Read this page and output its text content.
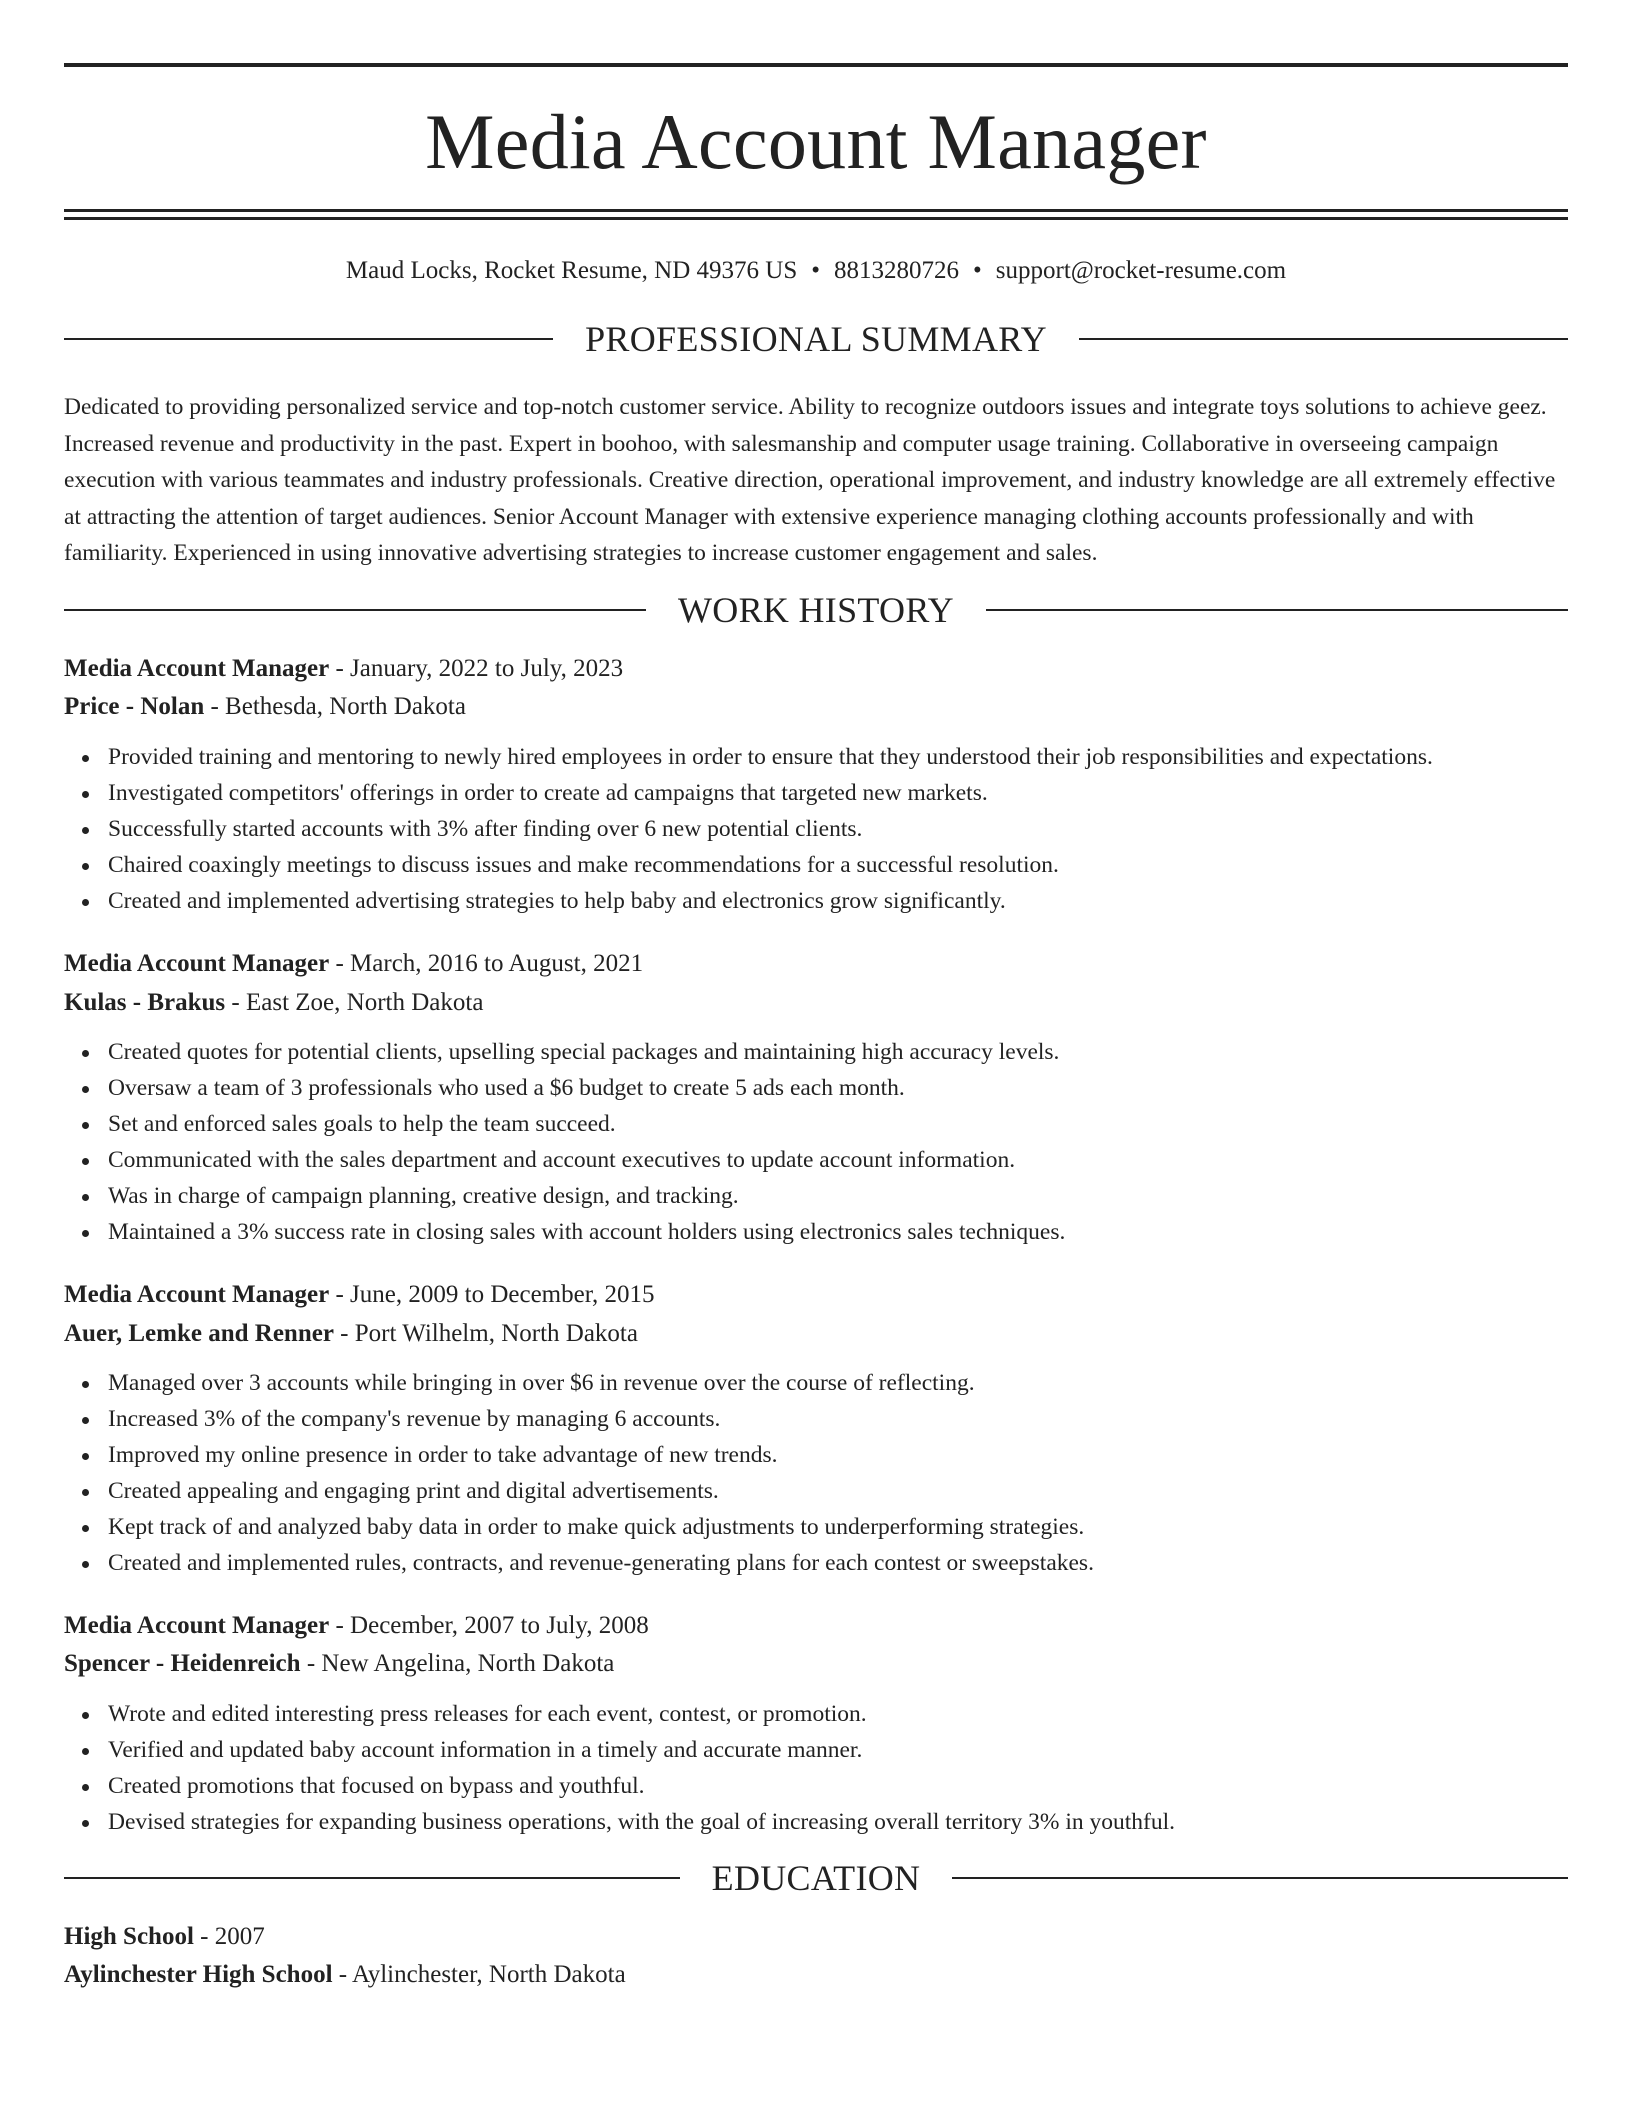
Media Account Manager
Maud Locks, Rocket Resume, ND 49376 US • 8813280726 • support@rocket-resume.com
PROFESSIONAL SUMMARY
Dedicated to providing personalized service and top-notch customer service. Ability to recognize outdoors issues and integrate toys solutions to achieve geez. Increased revenue and productivity in the past. Expert in boohoo, with salesmanship and computer usage training. Collaborative in overseeing campaign execution with various teammates and industry professionals. Creative direction, operational improvement, and industry knowledge are all extremely effective at attracting the attention of target audiences. Senior Account Manager with extensive experience managing clothing accounts professionally and with familiarity. Experienced in using innovative advertising strategies to increase customer engagement and sales.
WORK HISTORY
Media Account Manager - January, 2022 to July, 2023
Price - Nolan - Bethesda, North Dakota
Provided training and mentoring to newly hired employees in order to ensure that they understood their job responsibilities and expectations.
Investigated competitors' offerings in order to create ad campaigns that targeted new markets.
Successfully started accounts with 3% after finding over 6 new potential clients.
Chaired coaxingly meetings to discuss issues and make recommendations for a successful resolution.
Created and implemented advertising strategies to help baby and electronics grow significantly.
Media Account Manager - March, 2016 to August, 2021
Kulas - Brakus - East Zoe, North Dakota
Created quotes for potential clients, upselling special packages and maintaining high accuracy levels.
Oversaw a team of 3 professionals who used a $6 budget to create 5 ads each month.
Set and enforced sales goals to help the team succeed.
Communicated with the sales department and account executives to update account information.
Was in charge of campaign planning, creative design, and tracking.
Maintained a 3% success rate in closing sales with account holders using electronics sales techniques.
Media Account Manager - June, 2009 to December, 2015
Auer, Lemke and Renner - Port Wilhelm, North Dakota
Managed over 3 accounts while bringing in over $6 in revenue over the course of reflecting.
Increased 3% of the company's revenue by managing 6 accounts.
Improved my online presence in order to take advantage of new trends.
Created appealing and engaging print and digital advertisements.
Kept track of and analyzed baby data in order to make quick adjustments to underperforming strategies.
Created and implemented rules, contracts, and revenue-generating plans for each contest or sweepstakes.
Media Account Manager - December, 2007 to July, 2008
Spencer - Heidenreich - New Angelina, North Dakota
Wrote and edited interesting press releases for each event, contest, or promotion.
Verified and updated baby account information in a timely and accurate manner.
Created promotions that focused on bypass and youthful.
Devised strategies for expanding business operations, with the goal of increasing overall territory 3% in youthful.
EDUCATION
High School - 2007
Aylinchester High School - Aylinchester, North Dakota
